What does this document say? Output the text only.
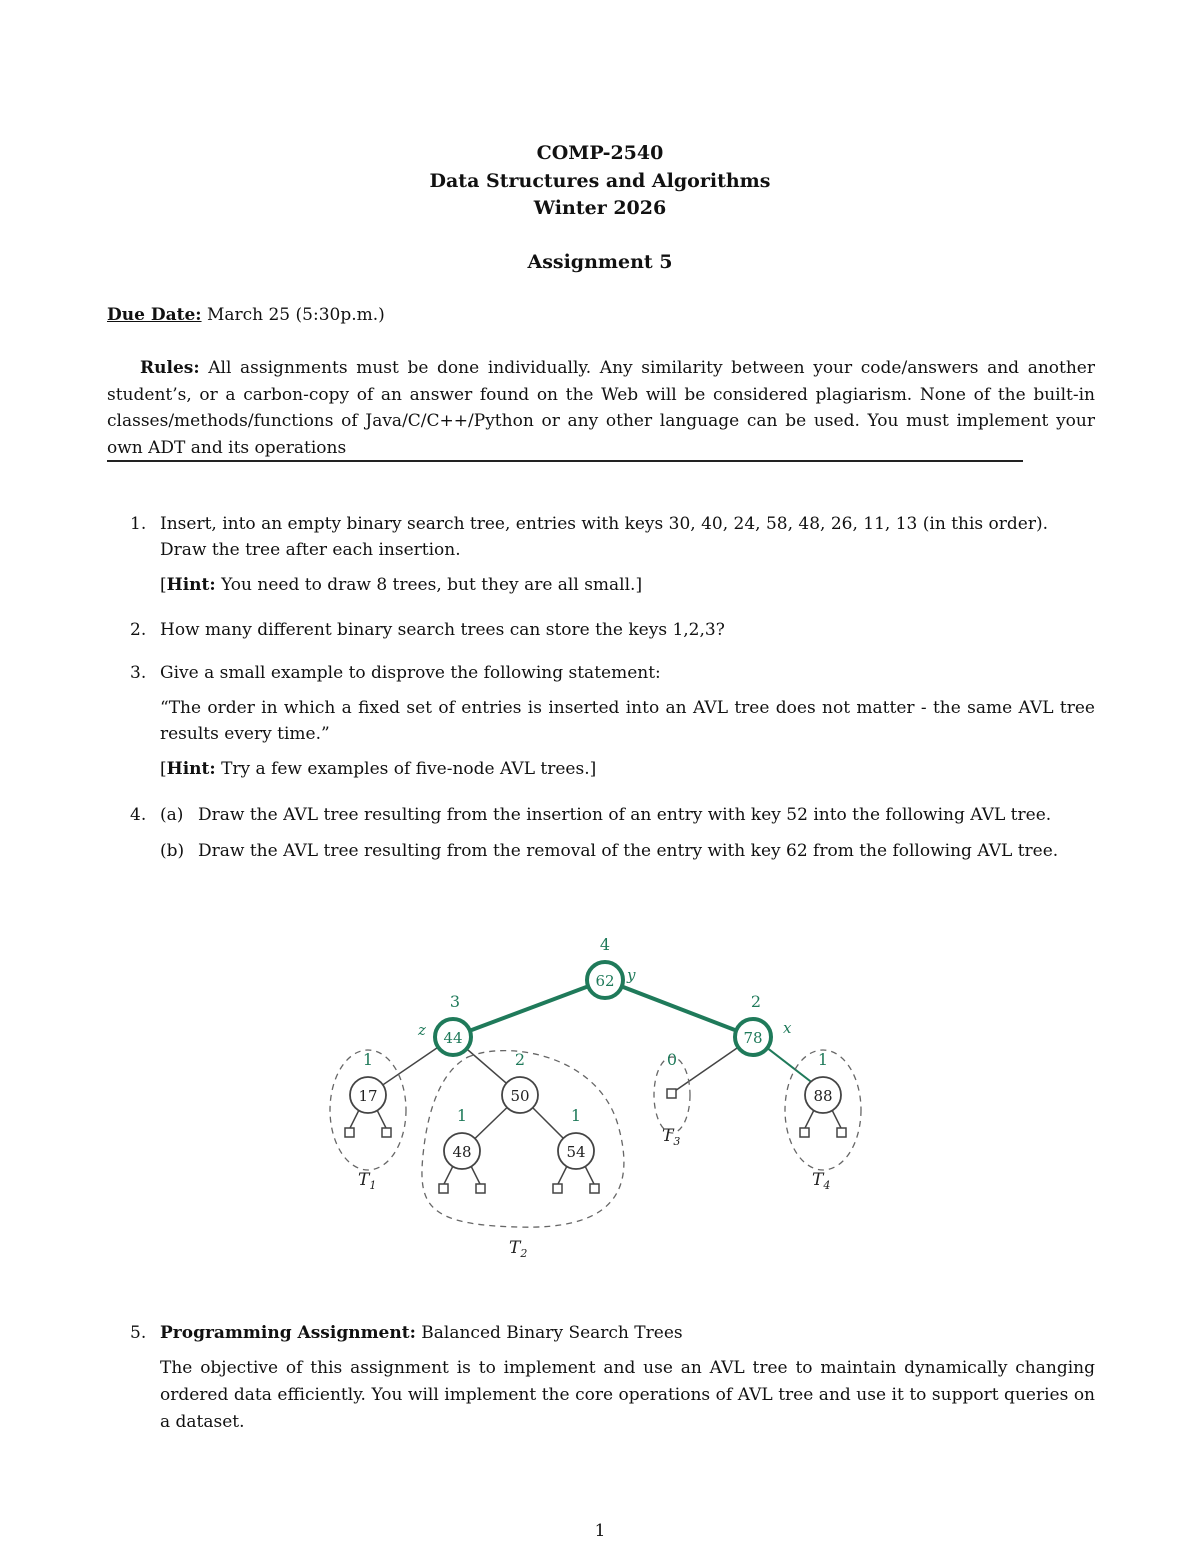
COMP-2540
Data Structures and Algorithms
Winter 2026
Assignment 5
Due Date: March 25 (5:30p.m.)
Rules: All assignments must be done individually. Any similarity between your code/answers and another student’s, or a carbon-copy of an answer found on the Web will be considered plagiarism. None of the built-in classes/methods/functions of Java/C/C++/Python or any other language can be used. You must implement your own ADT and its operations
1. Insert, into an empty binary search tree, entries with keys 30, 40, 24, 58, 48, 26, 11, 13 (in this order). Draw the tree after each insertion.
[Hint: You need to draw 8 trees, but they are all small.]
2. How many different binary search trees can store the keys 1,2,3?
3. Give a small example to disprove the following statement:
“The order in which a fixed set of entries is inserted into an AVL tree does not matter - the same AVL tree results every time.”
[Hint: Try a few examples of five-node AVL trees.]
4. (a) Draw the AVL tree resulting from the insertion of an entry with key 52 into the following AVL tree.
(b) Draw the AVL tree resulting from the removal of the entry with key 62 from the following AVL tree.
62
44	78
17	50
48	54
88
4
3	2
1	2
1	1
1
0
y
z	x
$T_1$
$T_2$
$T_3$
$T_4$
5. Programming Assignment: Balanced Binary Search Trees
The objective of this assignment is to implement and use an AVL tree to maintain dynamically changing ordered data efficiently. You will implement the core operations of AVL tree and use it to support queries on a dataset.
1
